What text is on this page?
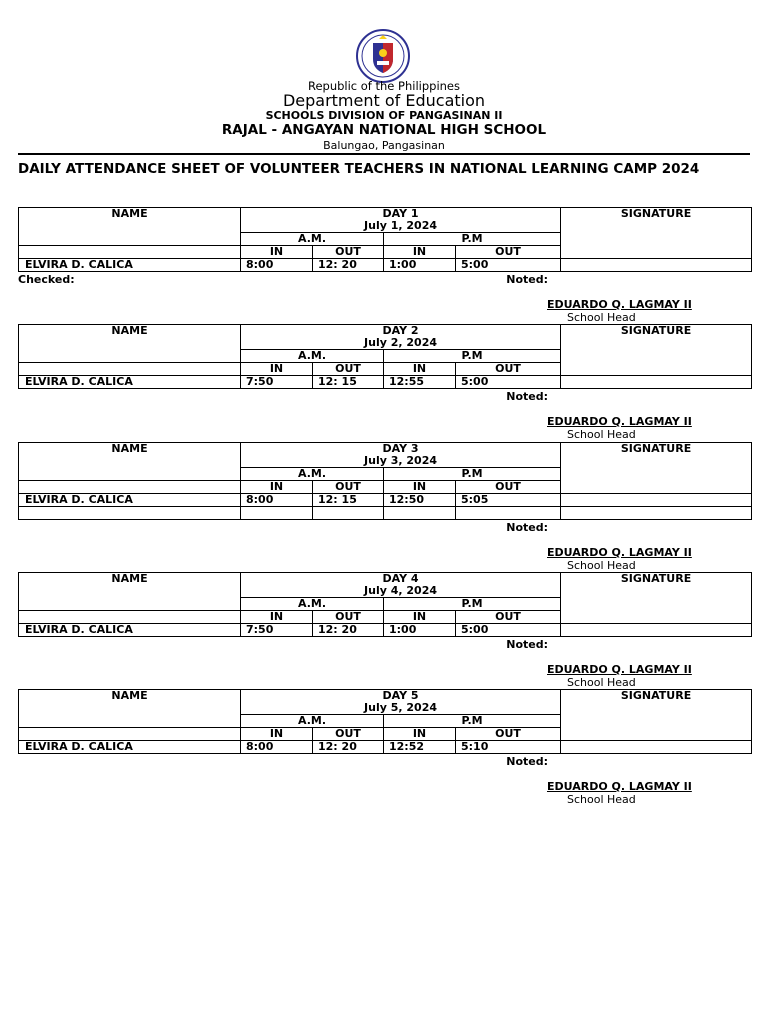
Republic of the Philippines
Department of Education
SCHOOLS DIVISION OF PANGASINAN II
RAJAL - ANGAYAN NATIONAL HIGH SCHOOL
Balungao, Pangasinan
DAILY ATTENDANCE SHEET OF VOLUNTEER TEACHERS IN NATIONAL LEARNING CAMP 2024
NAME	DAY 1				SIGNATURE
	July 1, 2024				
	A.M.		P.M		
	IN	OUT	IN	OUT	
ELVIRA D. CALICA	8:00	12: 20	1:00	5:00	
Checked:	Noted:
EDUARDO Q. LAGMAY II
School Head
NAME	DAY 2				SIGNATURE
	July 2, 2024				
	A.M.		P.M		
	IN	OUT	IN	OUT	
ELVIRA D. CALICA	7:50	12: 15	12:55	5:00	
Noted:
EDUARDO Q. LAGMAY II
School Head
NAME	DAY 3				SIGNATURE
	July 3, 2024				
	A.M.		P.M		
	IN	OUT	IN	OUT	
ELVIRA D. CALICA	8:00	12: 15	12:50	5:05	

Noted:
EDUARDO Q. LAGMAY II
School Head
NAME	DAY 4				SIGNATURE
	July 4, 2024				
	A.M.		P.M		
	IN	OUT	IN	OUT	
ELVIRA D. CALICA	7:50	12: 20	1:00	5:00	
Noted:
EDUARDO Q. LAGMAY II
School Head
NAME	DAY 5				SIGNATURE
	July 5, 2024				
	A.M.		P.M		
	IN	OUT	IN	OUT	
ELVIRA D. CALICA	8:00	12: 20	12:52	5:10	
Noted:
EDUARDO Q. LAGMAY II
School Head
